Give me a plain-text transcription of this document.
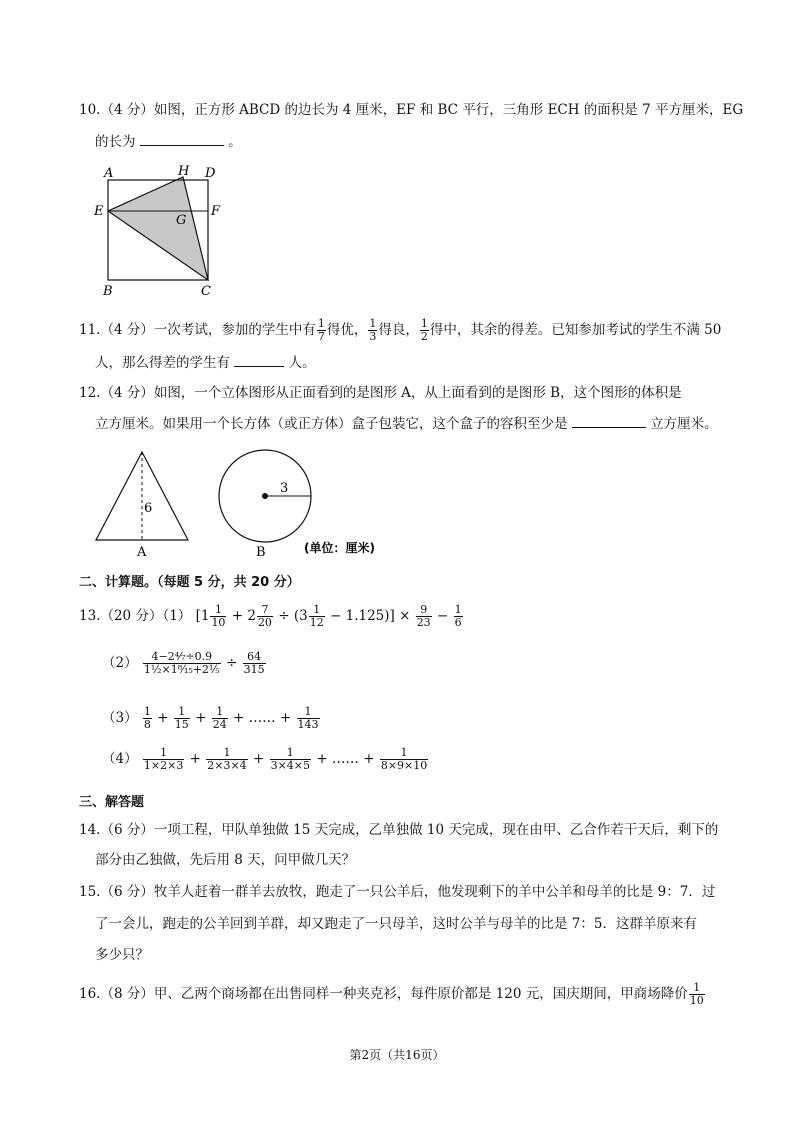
10.（4 分）如图，正方形 ABCD 的边长为 4 厘米，EF 和 BC 平行，三角形 ECH 的面积是 7 平方厘米，EG
的长为	。
A	H D
E
G
F
B	C
11.（4 分）一次考试，参加的学生中有 $\frac{1}{7}$ 得优， $\frac{1}{3}$ 得良， $\frac{1}{2}$ 得中，其余的得差。已知参加考试的学生不满 50
人，那么得差的学生有	人。
12.（4 分）如图，一个立体图形从正面看到的是图形 A，从上面看到的是图形 B，这个图形的体积是
立方厘米。如果用一个长方体（或正方体）盒子包装它，这个盒子的容积至少是	立方厘米。
6
A
3
B	(单位：厘米)
二、计算题。（每题 5 分，共 20 分）
13.（20 分）（1） $[1 \frac{1}{10} + 2 \frac{7}{20} \div (3 \frac{1}{12} - 1.125)] \times \frac{9}{23} - \frac{1}{6}$
$(2) \frac{\text{4−2⁴⁄₇÷0.9}}{\text{1½×1⁸⁄₁₅+2⅕}} \div \frac{64}{315}$
$(3) \frac{1}{8} + \frac{1}{15} + \frac{1}{24}$ + …… + $\frac{1}{143}$
$(4) \frac{1}{1\times 2\times 3} + \frac{1}{2\times 3\times 4} + \frac{1}{3\times 4\times 5}$ + …… + $\frac{1}{8\times 9\times 10}$
三、解答题
14.（6 分）一项工程，甲队单独做 15 天完成，乙单独做 10 天完成，现在由甲、乙合作若干天后，剩下的
部分由乙独做，先后用 8 天，问甲做几天？
15.（6 分）牧羊人赶着一群羊去放牧，跑走了一只公羊后，他发现剩下的羊中公羊和母羊的比是 9：7．过
了一会儿，跑走的公羊回到羊群，却又跑走了一只母羊，这时公羊与母羊的比是 7：5．这群羊原来有
多少只？
16.（8 分）甲、乙两个商场都在出售同样一种夹克衫，每件原价都是 120 元，国庆期间，甲商场降价 $\frac{1}{10}$
第2页（共16页）
